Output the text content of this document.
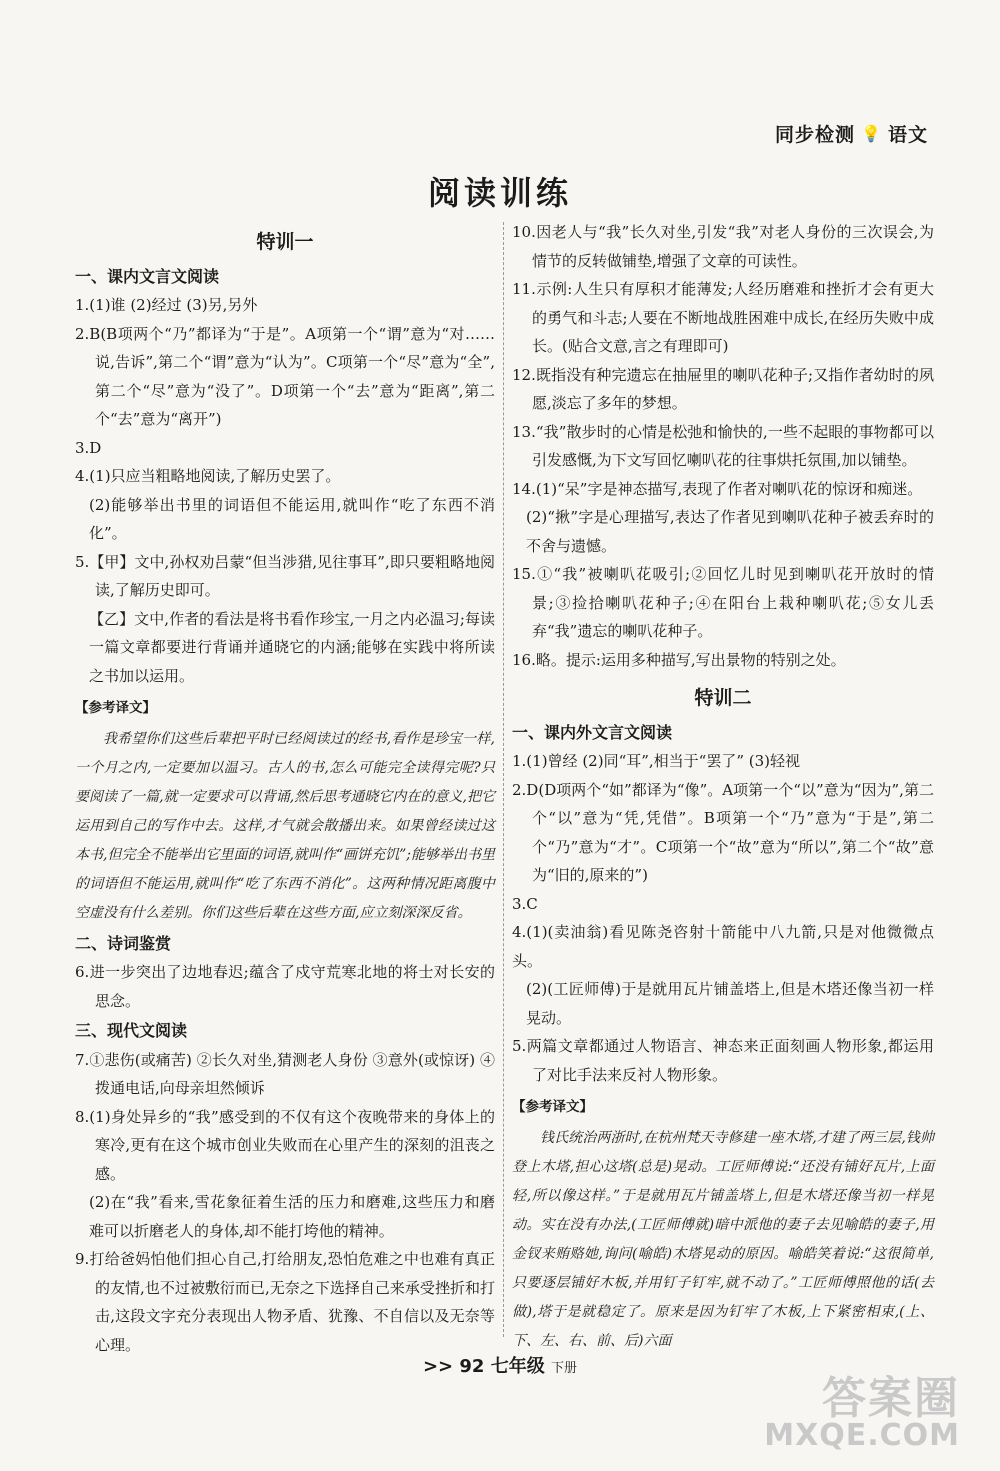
同步检测 💡 语文
阅读训练
特训一
一、课内文言文阅读

1.(1)谁 (2)经过 (3)另,另外

2.B(B项两个“乃”都译为“于是”。A项第一个“谓”意为“对……说,告诉”,第二个“谓”意为“认为”。C项第一个“尽”意为“全”,第二个“尽”意为“没了”。D项第一个“去”意为“距离”,第二个“去”意为“离开”)

3.D

4.(1)只应当粗略地阅读,了解历史罢了。

(2)能够举出书里的词语但不能运用,就叫作“吃了东西不消化”。

5.【甲】文中,孙权劝吕蒙“但当涉猎,见往事耳”,即只要粗略地阅读,了解历史即可。

【乙】文中,作者的看法是将书看作珍宝,一月之内必温习;每读一篇文章都要进行背诵并通晓它的内涵;能够在实践中将所读之书加以运用。

【参考译文】

我希望你们这些后辈把平时已经阅读过的经书,看作是珍宝一样,一个月之内,一定要加以温习。古人的书,怎么可能完全读得完呢?只要阅读了一篇,就一定要求可以背诵,然后思考通晓它内在的意义,把它运用到自己的写作中去。这样,才气就会散播出来。如果曾经读过这本书,但完全不能举出它里面的词语,就叫作“画饼充饥”;能够举出书里的词语但不能运用,就叫作“吃了东西不消化”。这两种情况距离腹中空虚没有什么差别。你们这些后辈在这些方面,应立刻深深反省。

二、诗词鉴赏

6.进一步突出了边地春迟;蕴含了戍守荒寒北地的将士对长安的思念。

三、现代文阅读

7.①悲伤(或痛苦) ②长久对坐,猜测老人身份 ③意外(或惊讶) ④拨通电话,向母亲坦然倾诉

8.(1)身处异乡的“我”感受到的不仅有这个夜晚带来的身体上的寒冷,更有在这个城市创业失败而在心里产生的深刻的沮丧之感。

(2)在“我”看来,雪花象征着生活的压力和磨难,这些压力和磨难可以折磨老人的身体,却不能打垮他的精神。

9.打给爸妈怕他们担心自己,打给朋友,恐怕危难之中也难有真正的友情,也不过被敷衍而已,无奈之下选择自己来承受挫折和打击,这段文字充分表现出人物矛盾、犹豫、不自信以及无奈等心理。

10.因老人与“我”长久对坐,引发“我”对老人身份的三次误会,为情节的反转做铺垫,增强了文章的可读性。

11.示例:人生只有厚积才能薄发;人经历磨难和挫折才会有更大的勇气和斗志;人要在不断地战胜困难中成长,在经历失败中成长。(贴合文意,言之有理即可)

12.既指没有种完遗忘在抽屉里的喇叭花种子;又指作者幼时的夙愿,淡忘了多年的梦想。

13.“我”散步时的心情是松弛和愉快的,一些不起眼的事物都可以引发感慨,为下文写回忆喇叭花的往事烘托氛围,加以铺垫。

14.(1)“呆”字是神态描写,表现了作者对喇叭花的惊讶和痴迷。

(2)“揪”字是心理描写,表达了作者见到喇叭花种子被丢弃时的不舍与遗憾。

15.①“我”被喇叭花吸引;②回忆儿时见到喇叭花开放时的情景;③捡拾喇叭花种子;④在阳台上栽种喇叭花;⑤女儿丢弃“我”遗忘的喇叭花种子。

16.略。提示:运用多种描写,写出景物的特别之处。

特训二
一、课内外文言文阅读

1.(1)曾经 (2)同“耳”,相当于“罢了” (3)轻视

2.D(D项两个“如”都译为“像”。A项第一个“以”意为“因为”,第二个“以”意为“凭,凭借”。B项第一个“乃”意为“于是”,第二个“乃”意为“才”。C项第一个“故”意为“所以”,第二个“故”意为“旧的,原来的”)

3.C

4.(1)(卖油翁)看见陈尧咨射十箭能中八九箭,只是对他微微点头。

(2)(工匠师傅)于是就用瓦片铺盖塔上,但是木塔还像当初一样晃动。

5.两篇文章都通过人物语言、神态来正面刻画人物形象,都运用了对比手法来反衬人物形象。

【参考译文】

钱氏统治两浙时,在杭州梵天寺修建一座木塔,才建了两三层,钱帅登上木塔,担心这塔(总是)晃动。工匠师傅说:“还没有铺好瓦片,上面轻,所以像这样。”于是就用瓦片铺盖塔上,但是木塔还像当初一样晃动。实在没有办法,(工匠师傅就)暗中派他的妻子去见喻皓的妻子,用金钗来贿赂她,询问(喻皓)木塔晃动的原因。喻皓笑着说:“这很简单,只要逐层铺好木板,并用钉子钉牢,就不动了。”工匠师傅照他的话(去做),塔于是就稳定了。原来是因为钉牢了木板,上下紧密相束,(上、下、左、右、前、后)六面

>> 92 七年级 下册
答案圈
MXQE.COM
